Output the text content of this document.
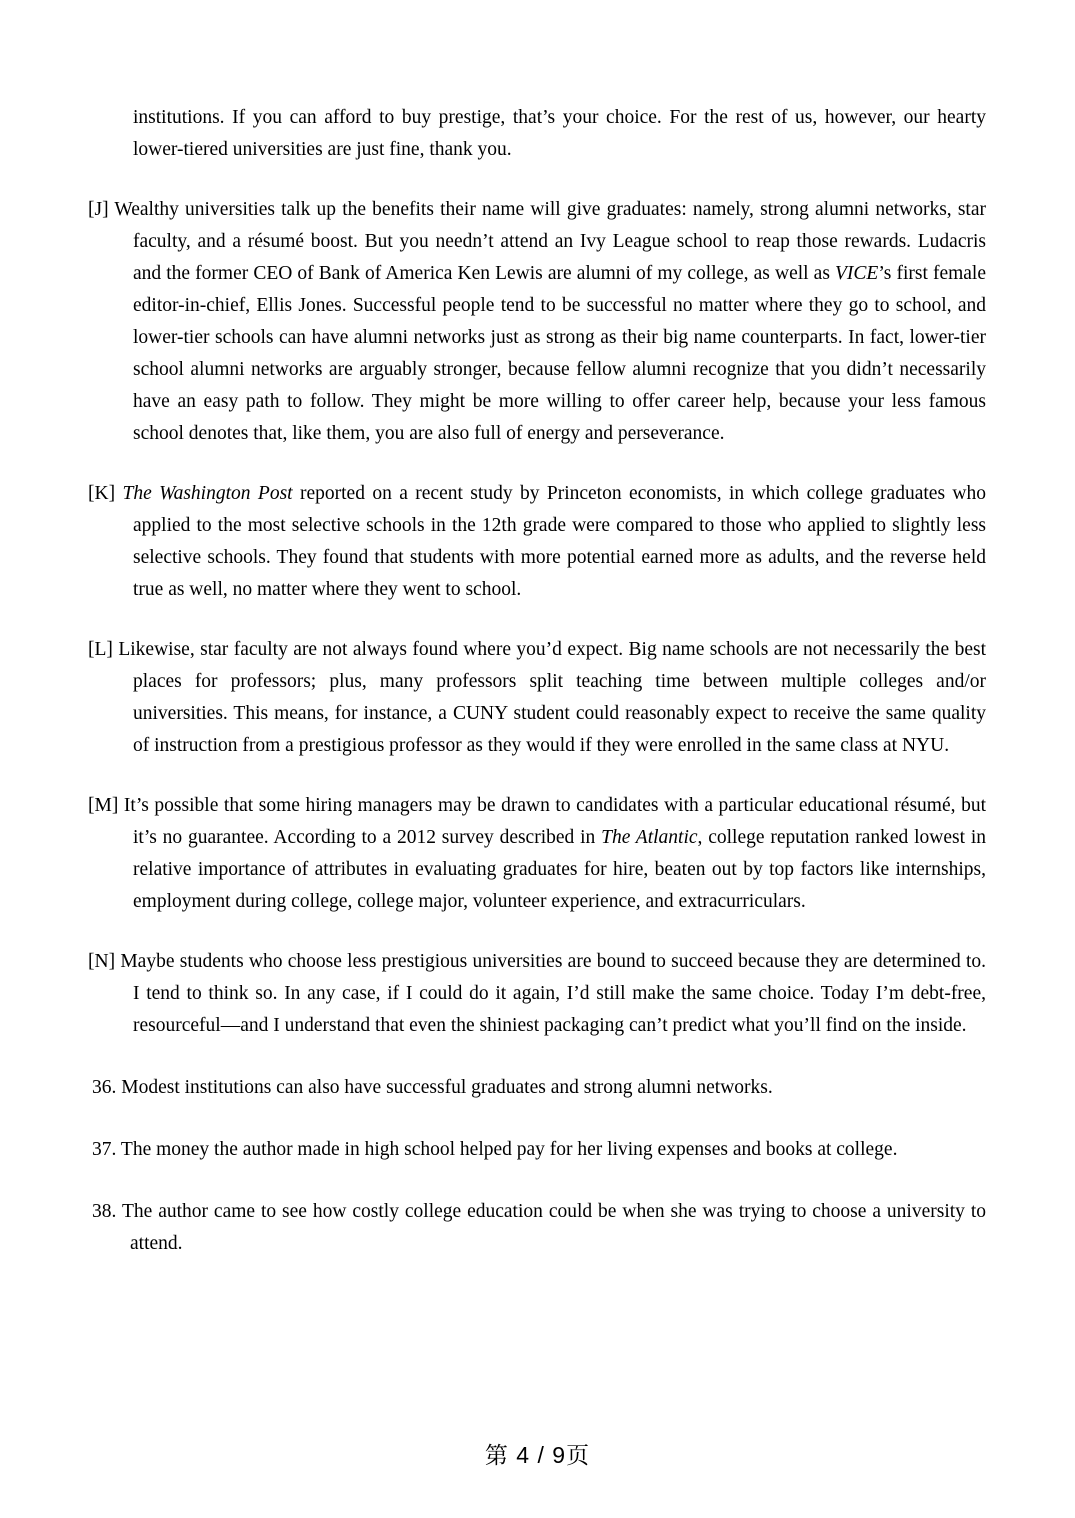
institutions. If you can afford to buy prestige, that’s your choice. For the rest of us, however, our hearty lower-tiered universities are just fine, thank you.

[J] Wealthy universities talk up the benefits their name will give graduates: namely, strong alumni networks, star faculty, and a résumé boost. But you needn’t attend an Ivy League school to reap those rewards. Ludacris and the former CEO of Bank of America Ken Lewis are alumni of my college, as well as VICE’s first female editor-in-chief, Ellis Jones. Successful people tend to be successful no matter where they go to school, and lower-tier schools can have alumni networks just as strong as their big name counterparts. In fact, lower-tier school alumni networks are arguably stronger, because fellow alumni recognize that you didn’t necessarily have an easy path to follow. They might be more willing to offer career help, because your less famous school denotes that, like them, you are also full of energy and perseverance.

[K] The Washington Post reported on a recent study by Princeton economists, in which college graduates who applied to the most selective schools in the 12th grade were compared to those who applied to slightly less selective schools. They found that students with more potential earned more as adults, and the reverse held true as well, no matter where they went to school.

[L] Likewise, star faculty are not always found where you’d expect. Big name schools are not necessarily the best places for professors; plus, many professors split teaching time between multiple colleges and/or universities. This means, for instance, a CUNY student could reasonably expect to receive the same quality of instruction from a prestigious professor as they would if they were enrolled in the same class at NYU.

[M] It’s possible that some hiring managers may be drawn to candidates with a particular educational résumé, but it’s no guarantee. According to a 2012 survey described in The Atlantic, college reputation ranked lowest in relative importance of attributes in evaluating graduates for hire, beaten out by top factors like internships, employment during college, college major, volunteer experience, and extracurriculars.

[N] Maybe students who choose less prestigious universities are bound to succeed because they are determined to. I tend to think so. In any case, if I could do it again, I’d still make the same choice. Today I’m debt-free, resourceful—and I understand that even the shiniest packaging can’t predict what you’ll find on the inside.

36. Modest institutions can also have successful graduates and strong alumni networks.

37. The money the author made in high school helped pay for her living expenses and books at college.

38. The author came to see how costly college education could be when she was trying to choose a university to attend.

第 4 / 9页
